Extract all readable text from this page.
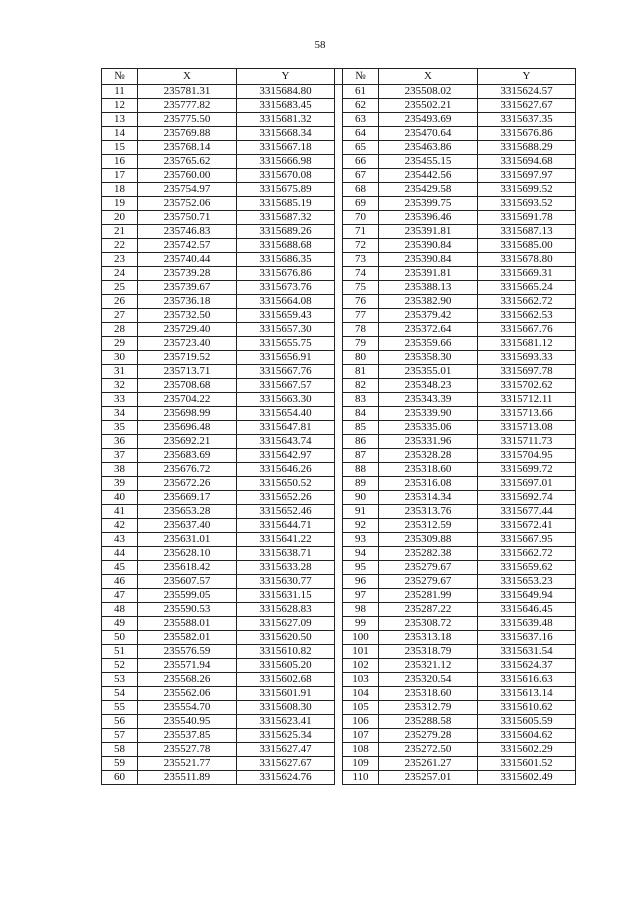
58
№	X	Y		№	X	Y
11	235781.31	3315684.80		61	235508.02	3315624.57
12	235777.82	3315683.45		62	235502.21	3315627.67
13	235775.50	3315681.32		63	235493.69	3315637.35
14	235769.88	3315668.34		64	235470.64	3315676.86
15	235768.14	3315667.18		65	235463.86	3315688.29
16	235765.62	3315666.98		66	235455.15	3315694.68
17	235760.00	3315670.08		67	235442.56	3315697.97
18	235754.97	3315675.89		68	235429.58	3315699.52
19	235752.06	3315685.19		69	235399.75	3315693.52
20	235750.71	3315687.32		70	235396.46	3315691.78
21	235746.83	3315689.26		71	235391.81	3315687.13
22	235742.57	3315688.68		72	235390.84	3315685.00
23	235740.44	3315686.35		73	235390.84	3315678.80
24	235739.28	3315676.86		74	235391.81	3315669.31
25	235739.67	3315673.76		75	235388.13	3315665.24
26	235736.18	3315664.08		76	235382.90	3315662.72
27	235732.50	3315659.43		77	235379.42	3315662.53
28	235729.40	3315657.30		78	235372.64	3315667.76
29	235723.40	3315655.75		79	235359.66	3315681.12
30	235719.52	3315656.91		80	235358.30	3315693.33
31	235713.71	3315667.76		81	235355.01	3315697.78
32	235708.68	3315667.57		82	235348.23	3315702.62
33	235704.22	3315663.30		83	235343.39	3315712.11
34	235698.99	3315654.40		84	235339.90	3315713.66
35	235696.48	3315647.81		85	235335.06	3315713.08
36	235692.21	3315643.74		86	235331.96	3315711.73
37	235683.69	3315642.97		87	235328.28	3315704.95
38	235676.72	3315646.26		88	235318.60	3315699.72
39	235672.26	3315650.52		89	235316.08	3315697.01
40	235669.17	3315652.26		90	235314.34	3315692.74
41	235653.28	3315652.46		91	235313.76	3315677.44
42	235637.40	3315644.71		92	235312.59	3315672.41
43	235631.01	3315641.22		93	235309.88	3315667.95
44	235628.10	3315638.71		94	235282.38	3315662.72
45	235618.42	3315633.28		95	235279.67	3315659.62
46	235607.57	3315630.77		96	235279.67	3315653.23
47	235599.05	3315631.15		97	235281.99	3315649.94
48	235590.53	3315628.83		98	235287.22	3315646.45
49	235588.01	3315627.09		99	235308.72	3315639.48
50	235582.01	3315620.50		100	235313.18	3315637.16
51	235576.59	3315610.82		101	235318.79	3315631.54
52	235571.94	3315605.20		102	235321.12	3315624.37
53	235568.26	3315602.68		103	235320.54	3315616.63
54	235562.06	3315601.91		104	235318.60	3315613.14
55	235554.70	3315608.30		105	235312.79	3315610.62
56	235540.95	3315623.41		106	235288.58	3315605.59
57	235537.85	3315625.34		107	235279.28	3315604.62
58	235527.78	3315627.47		108	235272.50	3315602.29
59	235521.77	3315627.67		109	235261.27	3315601.52
60	235511.89	3315624.76		110	235257.01	3315602.49
